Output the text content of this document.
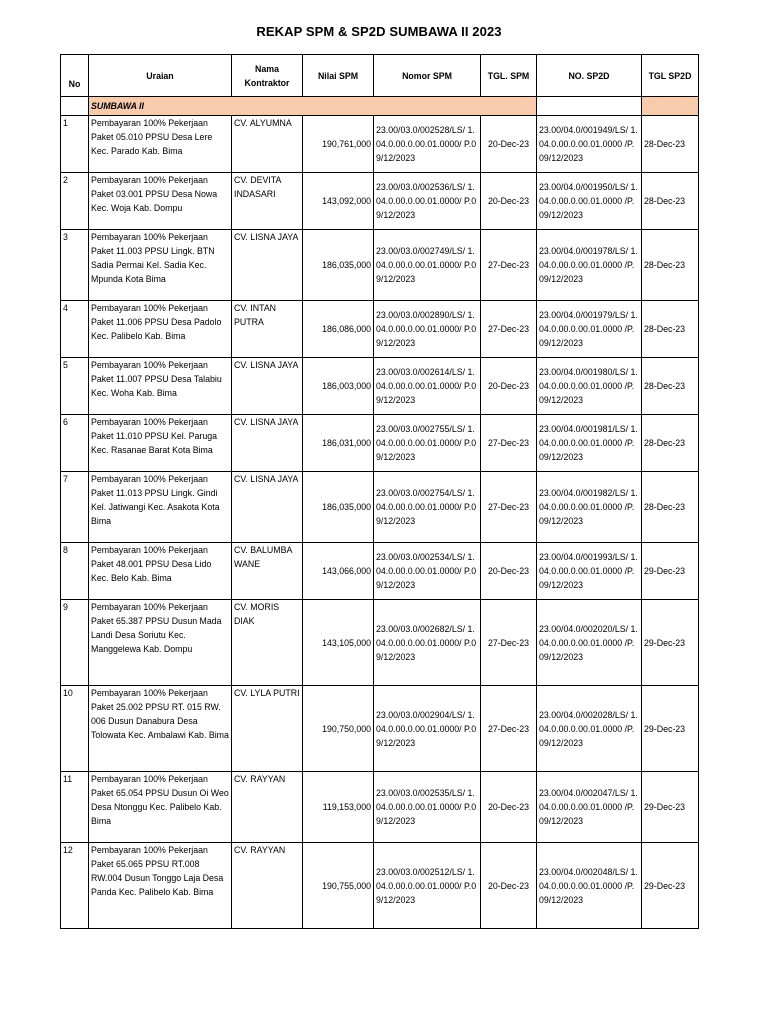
REKAP SPM & SP2D SUMBAWA II 2023
No	Uraian	Nama Kontraktor	Nilai SPM	Nomor SPM	TGL. SPM	NO. SP2D	TGL SP2D
	SUMBAWA II						
1	Pembayaran 100% Pekerjaan Paket 05.010 PPSU Desa Lere Kec. Parado Kab. Bima	CV. ALYUMNA	190,761,000	23.00/03.0/002528/LS/ 1.04.0.00.0.00.01.0000/ P.09/12/2023	20-Dec-23	23.00/04.0/001949/LS/ 1.04.0.00.0.00.01.0000 /P.09/12/2023	28-Dec-23
2	Pembayaran 100% Pekerjaan Paket 03.001 PPSU Desa Nowa Kec. Woja Kab. Dompu	CV. DEVITA INDASARI	143,092,000	23.00/03.0/002536/LS/ 1.04.0.00.0.00.01.0000/ P.09/12/2023	20-Dec-23	23.00/04.0/001950/LS/ 1.04.0.00.0.00.01.0000 /P.09/12/2023	28-Dec-23
3	Pembayaran 100% Pekerjaan Paket 11.003 PPSU Lingk. BTN Sadia Permai Kel. Sadia Kec. Mpunda Kota Bima	CV. LISNA JAYA	186,035,000	23.00/03.0/002749/LS/ 1.04.0.00.0.00.01.0000/ P.09/12/2023	27-Dec-23	23.00/04.0/001978/LS/ 1.04.0.00.0.00.01.0000 /P.09/12/2023	28-Dec-23
4	Pembayaran 100% Pekerjaan Paket 11.006 PPSU Desa Padolo Kec. Palibelo Kab. Bima	CV. INTAN PUTRA	186,086,000	23.00/03.0/002890/LS/ 1.04.0.00.0.00.01.0000/ P.09/12/2023	27-Dec-23	23.00/04.0/001979/LS/ 1.04.0.00.0.00.01.0000 /P.09/12/2023	28-Dec-23
5	Pembayaran 100% Pekerjaan Paket 11.007 PPSU Desa Talabiu Kec. Woha Kab. Bima	CV. LISNA JAYA	186,003,000	23.00/03.0/002614/LS/ 1.04.0.00.0.00.01.0000/ P.09/12/2023	20-Dec-23	23.00/04.0/001980/LS/ 1.04.0.00.0.00.01.0000 /P.09/12/2023	28-Dec-23
6	Pembayaran 100% Pekerjaan Paket 11.010 PPSU Kel. Paruga Kec. Rasanae Barat Kota Bima	CV. LISNA JAYA	186,031,000	23.00/03.0/002755/LS/ 1.04.0.00.0.00.01.0000/ P.09/12/2023	27-Dec-23	23.00/04.0/001981/LS/ 1.04.0.00.0.00.01.0000 /P.09/12/2023	28-Dec-23
7	Pembayaran 100% Pekerjaan Paket 11.013 PPSU Lingk. Gindi Kel. Jatiwangi Kec. Asakota Kota Bima	CV. LISNA JAYA	186,035,000	23.00/03.0/002754/LS/ 1.04.0.00.0.00.01.0000/ P.09/12/2023	27-Dec-23	23.00/04.0/001982/LS/ 1.04.0.00.0.00.01.0000 /P.09/12/2023	28-Dec-23
8	Pembayaran 100% Pekerjaan Paket 48.001 PPSU Desa Lido Kec. Belo Kab. Bima	CV. BALUMBA WANE	143,066,000	23.00/03.0/002534/LS/ 1.04.0.00.0.00.01.0000/ P.09/12/2023	20-Dec-23	23.00/04.0/001993/LS/ 1.04.0.00.0.00.01.0000 /P.09/12/2023	29-Dec-23
9	Pembayaran 100% Pekerjaan Paket 65.387 PPSU Dusun Mada Landi Desa Soriutu Kec. Manggelewa Kab. Dompu	CV. MORIS DIAK	143,105,000	23.00/03.0/002682/LS/ 1.04.0.00.0.00.01.0000/ P.09/12/2023	27-Dec-23	23.00/04.0/002020/LS/ 1.04.0.00.0.00.01.0000 /P.09/12/2023	29-Dec-23
10	Pembayaran 100% Pekerjaan Paket 25.002 PPSU RT. 015 RW. 006 Dusun Danabura Desa Tolowata Kec. Ambalawi Kab. Bima	CV. LYLA PUTRI	190,750,000	23.00/03.0/002904/LS/ 1.04.0.00.0.00.01.0000/ P.09/12/2023	27-Dec-23	23.00/04.0/002028/LS/ 1.04.0.00.0.00.01.0000 /P.09/12/2023	29-Dec-23
11	Pembayaran 100% Pekerjaan Paket 65.054 PPSU Dusun Oi Weo Desa Ntonggu Kec. Palibelo Kab. Bima	CV. RAYYAN	119,153,000	23.00/03.0/002535/LS/ 1.04.0.00.0.00.01.0000/ P.09/12/2023	20-Dec-23	23.00/04.0/002047/LS/ 1.04.0.00.0.00.01.0000 /P.09/12/2023	29-Dec-23
12	Pembayaran 100% Pekerjaan Paket 65.065 PPSU RT.008 RW.004 Dusun Tonggo Laja Desa Panda Kec. Palibelo Kab. Bima	CV. RAYYAN	190,755,000	23.00/03.0/002512/LS/ 1.04.0.00.0.00.01.0000/ P.09/12/2023	20-Dec-23	23.00/04.0/002048/LS/ 1.04.0.00.0.00.01.0000 /P.09/12/2023	29-Dec-23
